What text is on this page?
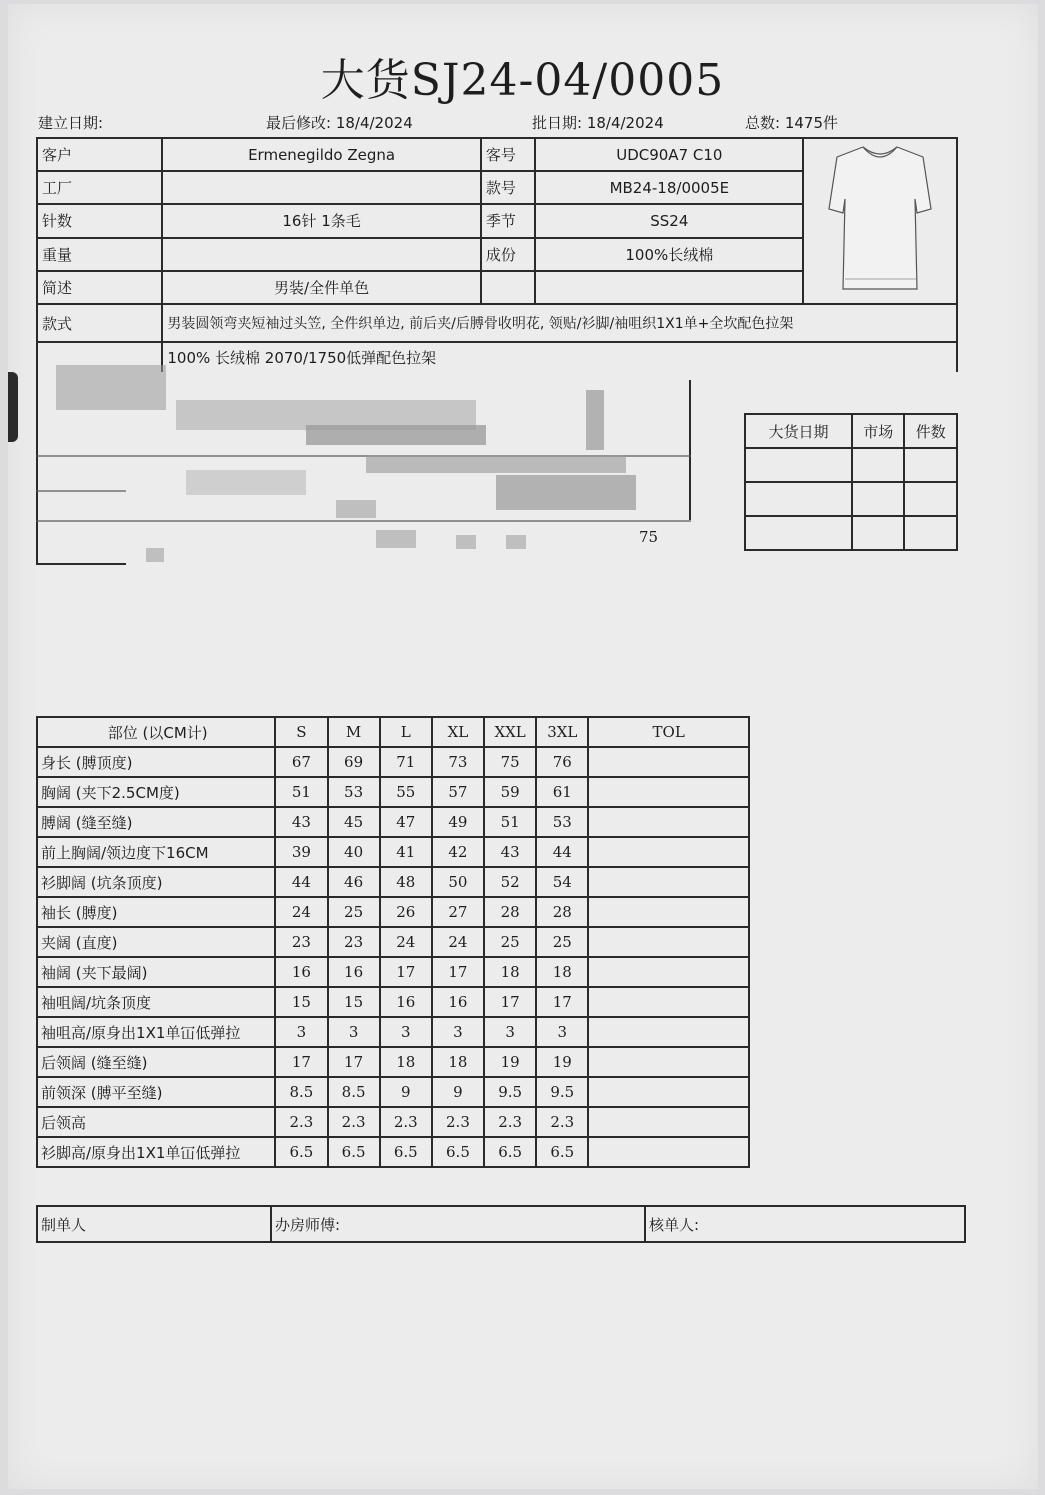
大货SJ24-04/0005
建立日期:	最后修改: 18/4/2024	批日期: 18/4/2024	总数: 1475件
客户	Ermenegildo Zegna	客号	UDC90A7 C10	
工厂		款号	MB24-18/0005E	
针数	16针 1条毛	季节	SS24	
重量		成份	100%长绒棉	
简述	男装/全件单色			
款式	男装圆领弯夹短袖过头笠, 全件织单边, 前后夹/后膊骨收明花, 领贴/衫脚/袖咀织1X1单+全坎配色拉架			
	100% 长绒棉 2070/1750低弹配色拉架			
75
大货日期	市场	件数

部位 (以CM计)	S	M	L	XL	XXL	3XL	TOL
身长 (膊顶度)	67	69	71	73	75	76	
胸阔 (夹下2.5CM度)	51	53	55	57	59	61	
膊阔 (缝至缝)	43	45	47	49	51	53	
前上胸阔/领边度下16CM	39	40	41	42	43	44	
衫脚阔 (坑条顶度)	44	46	48	50	52	54	
袖长 (膊度)	24	25	26	27	28	28	
夹阔 (直度)	23	23	24	24	25	25	
袖阔 (夹下最阔)	16	16	17	17	18	18	
袖咀阔/坑条顶度	15	15	16	16	17	17	
袖咀高/原身出1X1单冚低弹拉	3	3	3	3	3	3	
后领阔 (缝至缝)	17	17	18	18	19	19	
前领深 (膊平至缝)	8.5	8.5	9	9	9.5	9.5	
后领高	2.3	2.3	2.3	2.3	2.3	2.3	
衫脚高/原身出1X1单冚低弹拉	6.5	6.5	6.5	6.5	6.5	6.5	
制单人	办房师傅:	核单人:
